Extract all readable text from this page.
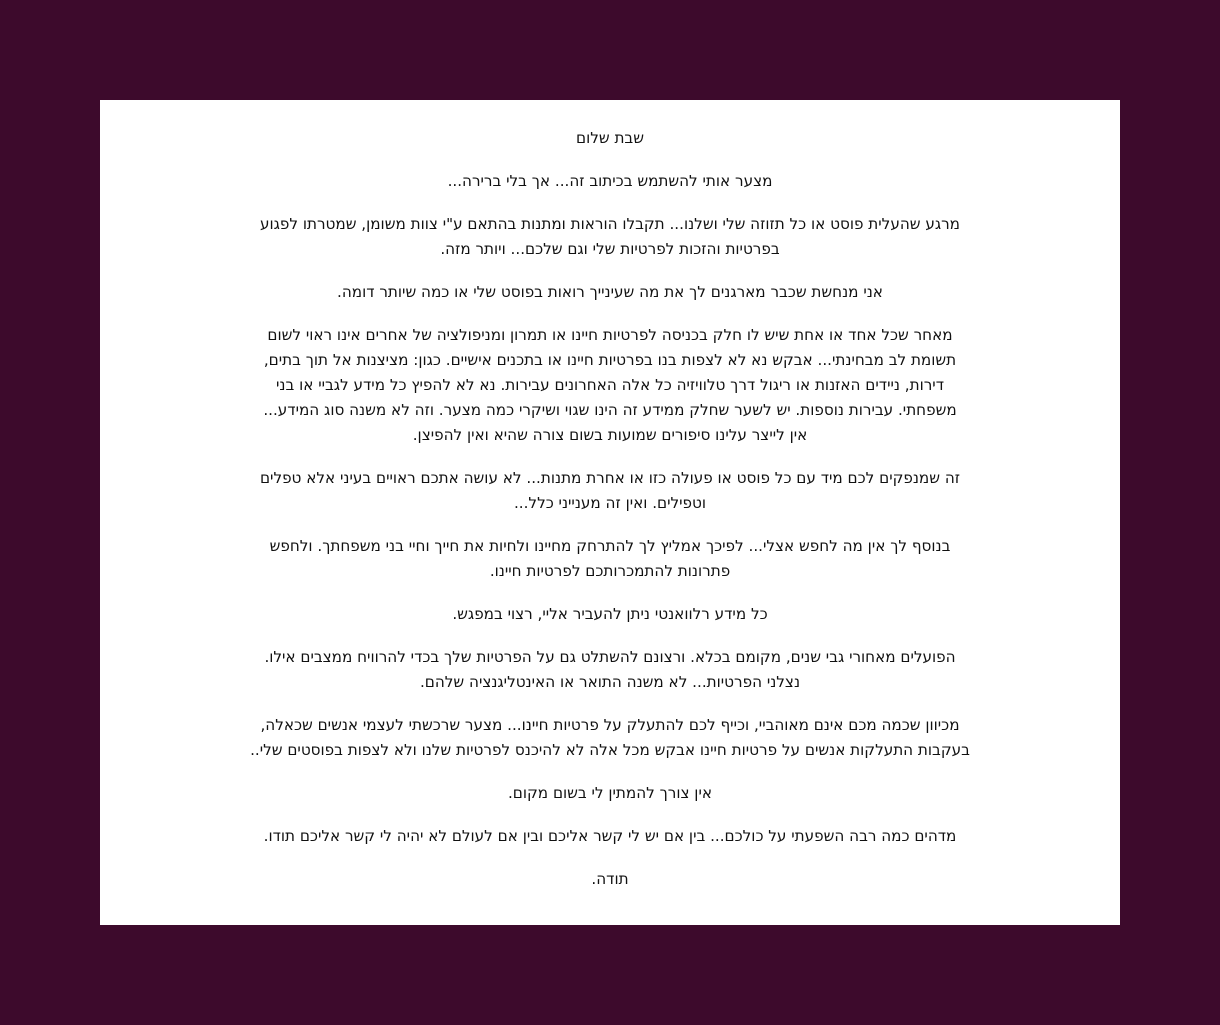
שבת שלום

מצער אותי להשתמש בכיתוב זה... אך בלי ברירה...

מרגע שהעלית פוסט או כל תזוזה שלי ושלנו... תקבלו הוראות ומתנות בהתאם ע"י צוות משומן, שמטרתו לפגוע
בפרטיות והזכות לפרטיות שלי וגם שלכם... ויותר מזה.

אני מנחשת שכבר מארגנים לך את מה שעינייך רואות בפוסט שלי או כמה שיותר דומה.

מאחר שכל אחד או אחת שיש לו חלק בכניסה לפרטיות חיינו או תמרון ומניפולציה של אחרים אינו ראוי לשום
תשומת לב מבחינתי... אבקש נא לא לצפות בנו בפרטיות חיינו או בתכנים אישיים. כגון: מציצנות אל תוך בתים,
דירות, ניידים האזנות או ריגול דרך טלוויזיה כל אלה האחרונים עבירות. נא לא להפיץ כל מידע לגביי או בני
משפחתי. עבירות נוספות. יש לשער שחלק ממידע זה הינו שגוי ושיקרי כמה מצער. וזה לא משנה סוג המידע...
אין לייצר עלינו סיפורים שמועות בשום צורה שהיא ואין להפיצן.

זה שמנפקים לכם מיד עם כל פוסט או פעולה כזו או אחרת מתנות... לא עושה אתכם ראויים בעיני אלא טפלים
וטפילים. ואין זה מענייני כלל...

בנוסף לך אין מה לחפש אצלי... לפיכך אמליץ לך להתרחק מחיינו ולחיות את חייך וחיי בני משפחתך. ולחפש
פתרונות להתמכרותכם לפרטיות חיינו.

כל מידע רלוואנטי ניתן להעביר אליי, רצוי במפגש.

הפועלים מאחורי גבי שנים, מקומם בכלא. ורצונם להשתלט גם על הפרטיות שלך בכדי להרוויח ממצבים אילו.
נצלני הפרטיות... לא משנה התואר או האינטליגנציה שלהם.

מכיוון שכמה מכם אינם מאוהביי, וכייף לכם להתעלק על פרטיות חיינו... מצער שרכשתי לעצמי אנשים שכאלה,
בעקבות התעלקות אנשים על פרטיות חיינו אבקש מכל אלה לא להיכנס לפרטיות שלנו ולא לצפות בפוסטים שלי..

אין צורך להמתין לי בשום מקום.

מדהים כמה רבה השפעתי על כולכם... בין אם יש לי קשר אליכם ובין אם לעולם לא יהיה לי קשר אליכם תודו.

תודה.
